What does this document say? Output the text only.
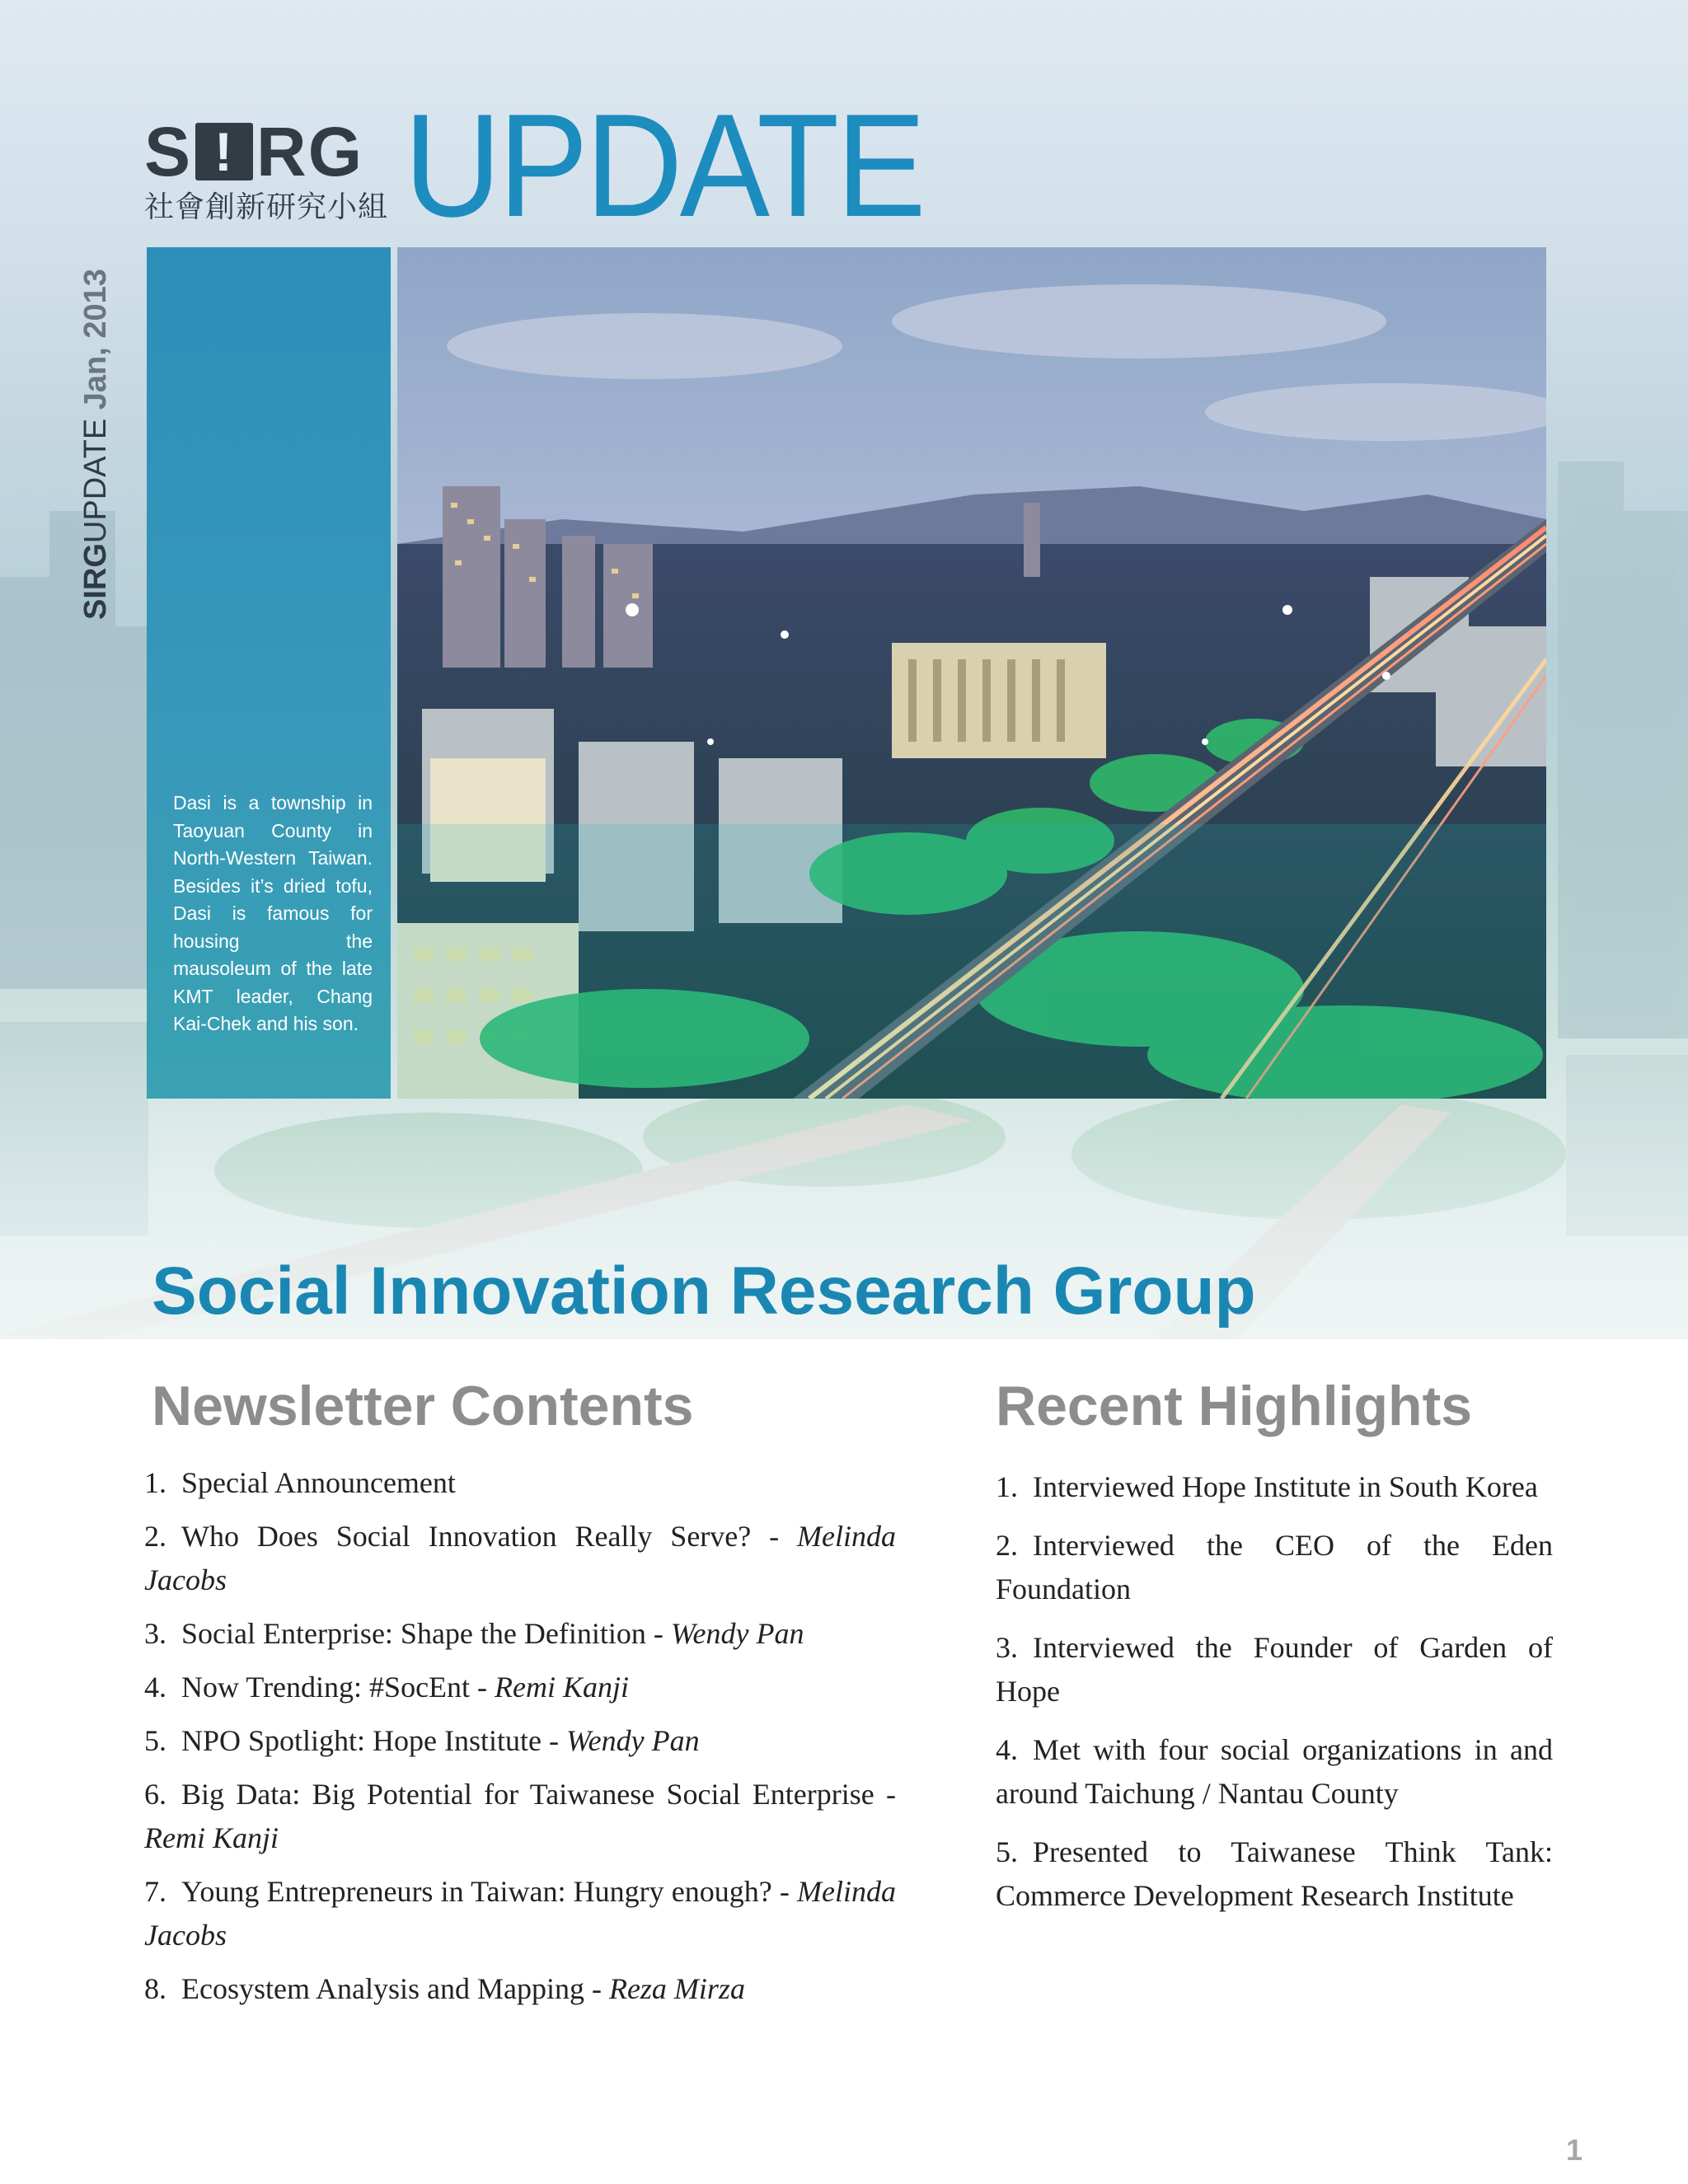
S ! RG
社會創新研究小組 UPDATE
SIRGUPDATE Jan, 2013
Dasi is a township in Taoyuan County in North-Western Taiwan. Besides it’s dried tofu, Dasi is famous for housing the mausoleum of the late KMT leader, Chang Kai-Chek and his son.
Social Innovation Research Group
Newsletter Contents
1. Special Announcement
2. Who Does Social Innovation Really Serve? - Melinda Jacobs
3. Social Enterprise: Shape the Definition - Wendy Pan
4. Now Trending: #SocEnt - Remi Kanji
5. NPO Spotlight: Hope Institute - Wendy Pan
6. Big Data: Big Potential for Taiwanese Social Enterprise - Remi Kanji
7. Young Entrepreneurs in Taiwan: Hungry enough? - Melinda Jacobs
8. Ecosystem Analysis and Mapping - Reza Mirza
Recent Highlights
1. Interviewed Hope Institute in South Korea
2. Interviewed the CEO of the Eden Foundation
3. Interviewed the Founder of Garden of Hope
4. Met with four social organizations in and around Taichung / Nantau County
5. Presented to Taiwanese Think Tank: Commerce Development Research Institute
1
